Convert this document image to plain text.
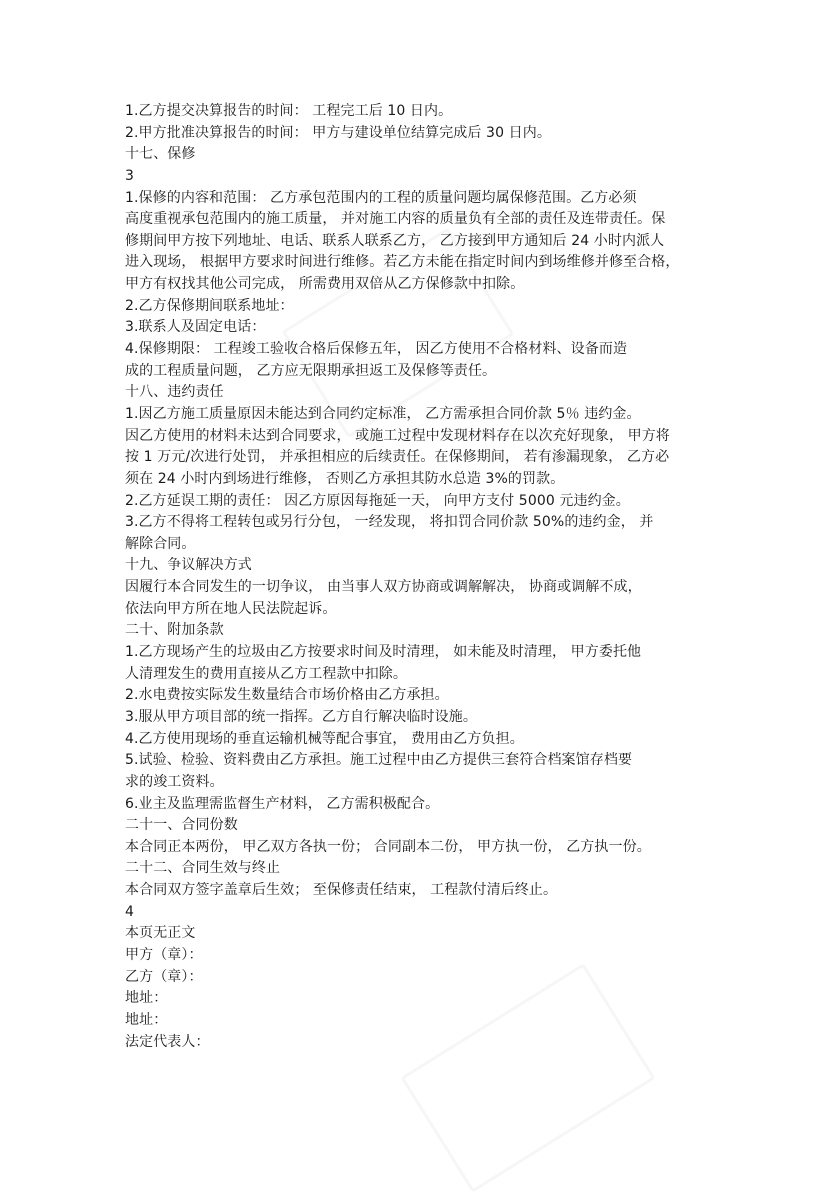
1.乙方提交决算报告的时间： 工程完工后 10 日内。
2.甲方批准决算报告的时间： 甲方与建设单位结算完成后 30 日内。
十七、保修
3
1.保修的内容和范围： 乙方承包范围内的工程的质量问题均属保修范围。乙方必须
高度重视承包范围内的施工质量， 并对施工内容的质量负有全部的责任及连带责任。保
修期间甲方按下列地址、电话、联系人联系乙方， 乙方接到甲方通知后 24 小时内派人
进入现场， 根据甲方要求时间进行维修。若乙方未能在指定时间内到场维修并修至合格，
甲方有权找其他公司完成， 所需费用双倍从乙方保修款中扣除。
2.乙方保修期间联系地址：
3.联系人及固定电话：
4.保修期限： 工程竣工验收合格后保修五年， 因乙方使用不合格材料、设备而造
成的工程质量问题， 乙方应无限期承担返工及保修等责任。
十八、违约责任
1.因乙方施工质量原因未能达到合同约定标准， 乙方需承担合同价款 5％ 违约金。
因乙方使用的材料未达到合同要求， 或施工过程中发现材料存在以次充好现象， 甲方将
按 1 万元/次进行处罚， 并承担相应的后续责任。在保修期间， 若有渗漏现象， 乙方必
须在 24 小时内到场进行维修， 否则乙方承担其防水总造 3%的罚款。
2.乙方延误工期的责任： 因乙方原因每拖延一天， 向甲方支付 5000 元违约金。
3.乙方不得将工程转包或另行分包， 一经发现， 将扣罚合同价款 50%的违约金， 并
解除合同。
十九、争议解决方式
因履行本合同发生的一切争议， 由当事人双方协商或调解解决， 协商或调解不成，
依法向甲方所在地人民法院起诉。
二十、附加条款
1.乙方现场产生的垃圾由乙方按要求时间及时清理， 如未能及时清理， 甲方委托他
人清理发生的费用直接从乙方工程款中扣除。
2.水电费按实际发生数量结合市场价格由乙方承担。
3.服从甲方项目部的统一指挥。乙方自行解决临时设施。
4.乙方使用现场的垂直运输机械等配合事宜， 费用由乙方负担。
5.试验、检验、资料费由乙方承担。施工过程中由乙方提供三套符合档案馆存档要
求的竣工资料。
6.业主及监理需监督生产材料， 乙方需积极配合。
二十一、合同份数
本合同正本两份， 甲乙双方各执一份； 合同副本二份， 甲方执一份， 乙方执一份。
二十二、合同生效与终止
本合同双方签字盖章后生效； 至保修责任结束， 工程款付清后终止。
4
本页无正文
甲方（章）：
乙方（章）：
地址：
地址：
法定代表人：
